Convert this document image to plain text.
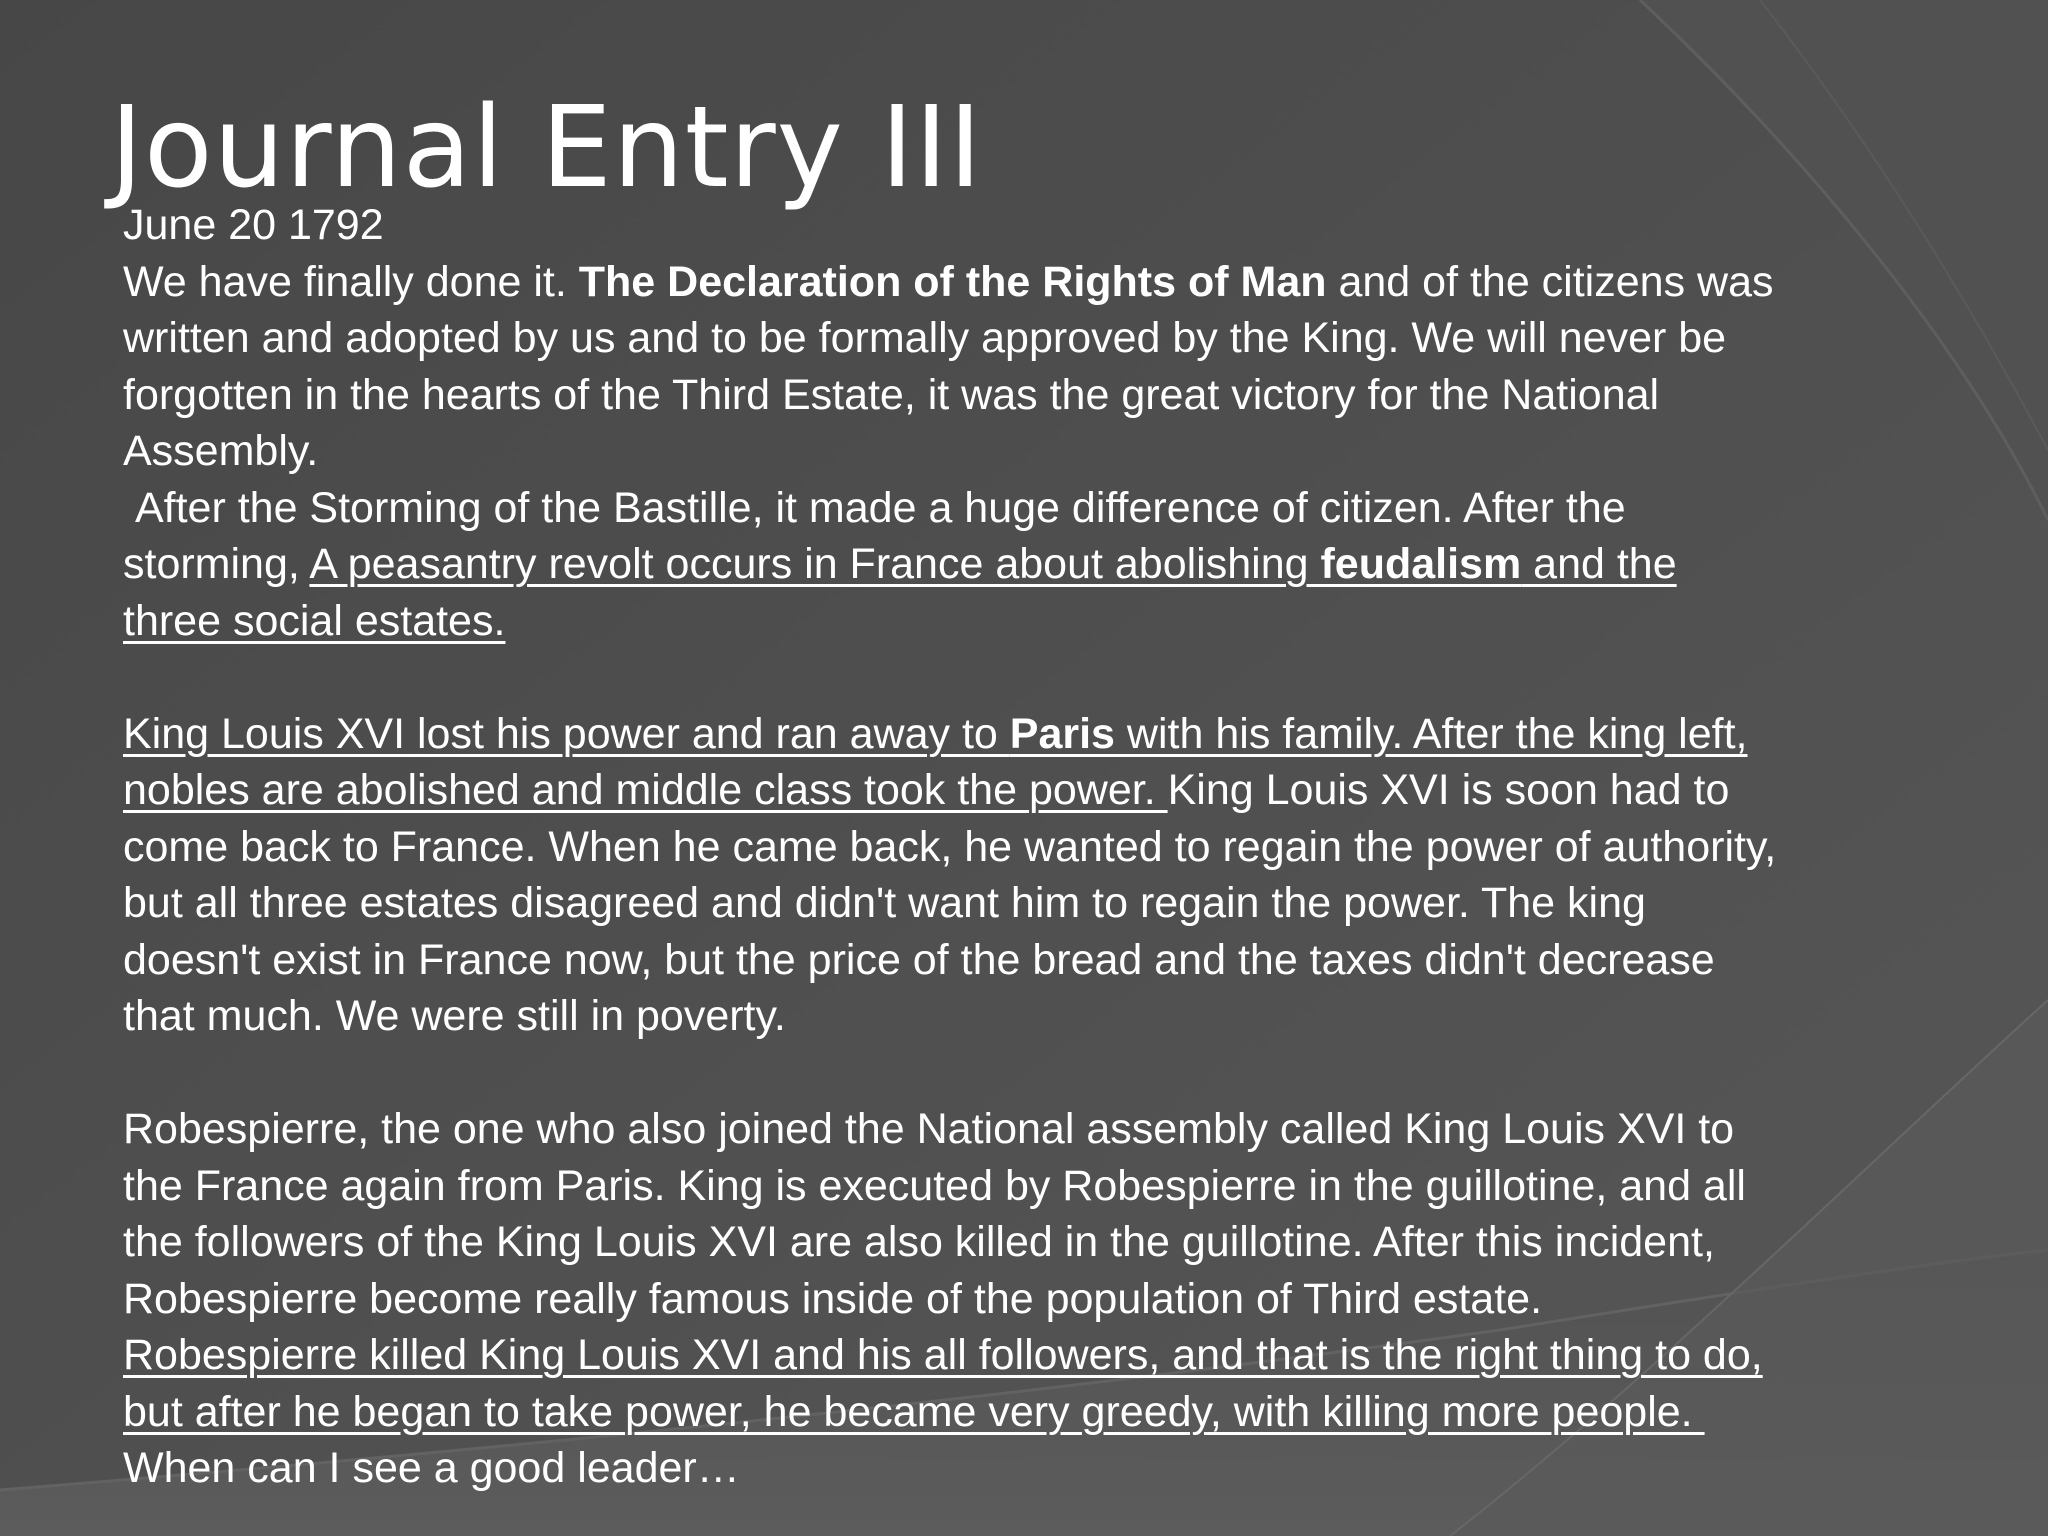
Journal Entry III
June 20 1792
We have finally done it. The Declaration of the Rights of Man and of the citizens was
written and adopted by us and to be formally approved by the King. We will never be
forgotten in the hearts of the Third Estate, it was the great victory for the National
Assembly.
After the Storming of the Bastille, it made a huge difference of citizen. After the
storming, A peasantry revolt occurs in France about abolishing feudalism and the
three social estates.

King Louis XVI lost his power and ran away to Paris with his family. After the king left,
nobles are abolished and middle class took the power. King Louis XVI is soon had to
come back to France. When he came back, he wanted to regain the power of authority,
but all three estates disagreed and didn't want him to regain the power. The king
doesn't exist in France now, but the price of the bread and the taxes didn't decrease
that much. We were still in poverty.

Robespierre, the one who also joined the National assembly called King Louis XVI to
the France again from Paris. King is executed by Robespierre in the guillotine, and all
the followers of the King Louis XVI are also killed in the guillotine. After this incident,
Robespierre become really famous inside of the population of Third estate.
Robespierre killed King Louis XVI and his all followers, and that is the right thing to do,
but after he began to take power, he became very greedy, with killing more people.
When can I see a good leader…
